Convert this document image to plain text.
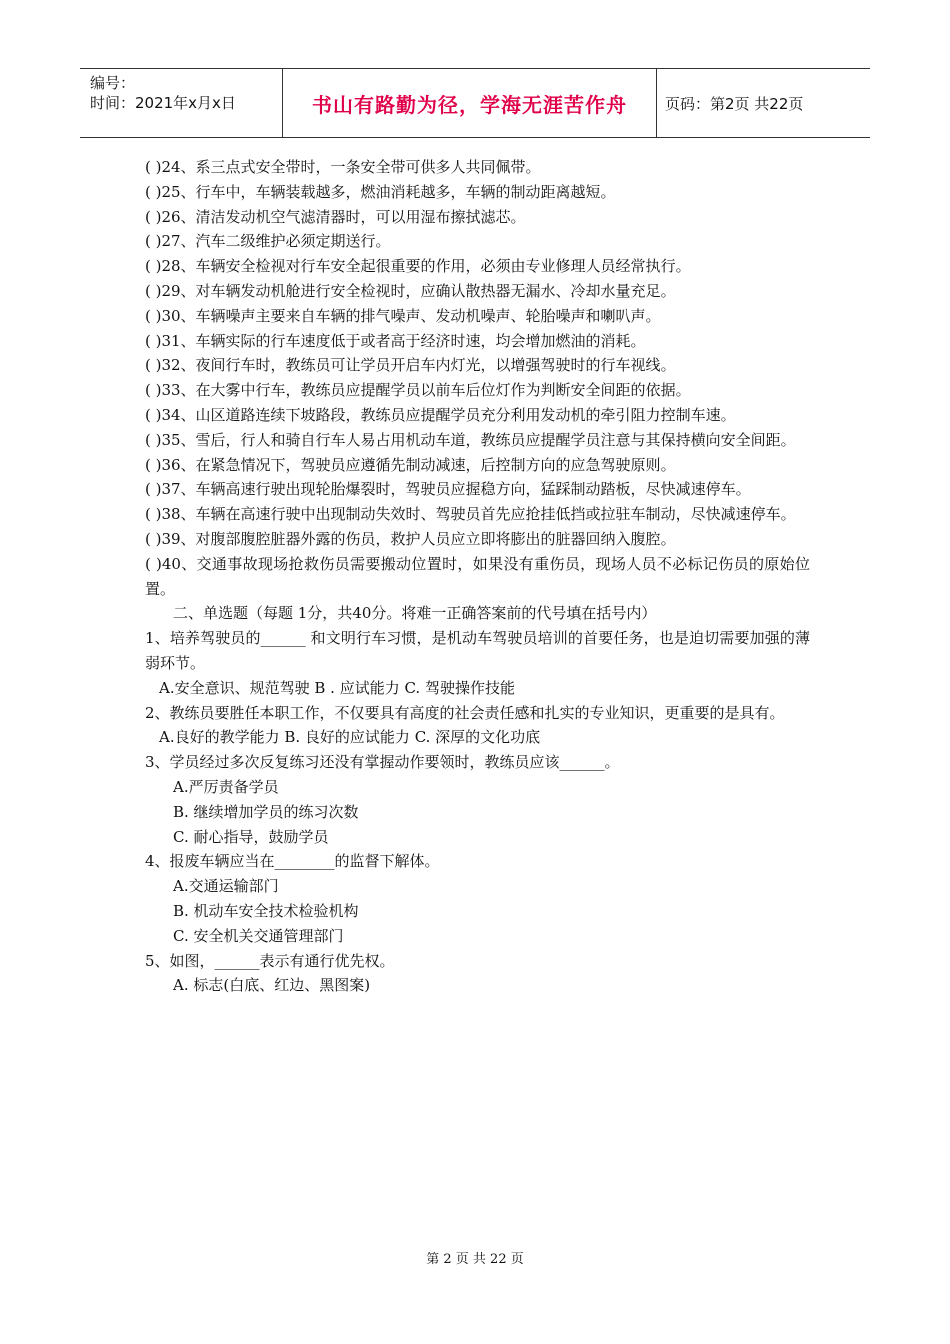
编号：
时间：2021年x月x日	书山有路勤为径，学海无涯苦作舟	页码：第2页 共22页
( )24、系三点式安全带时，一条安全带可供多人共同佩带。
( )25、行车中，车辆装载越多，燃油消耗越多，车辆的制动距离越短。
( )26、清洁发动机空气滤清器时，可以用湿布擦拭滤芯。
( )27、汽车二级维护必须定期送行。
( )28、车辆安全检视对行车安全起很重要的作用，必须由专业修理人员经常执行。
( )29、对车辆发动机舱进行安全检视时，应确认散热器无漏水、冷却水量充足。
( )30、车辆噪声主要来自车辆的排气噪声、发动机噪声、轮胎噪声和喇叭声。
( )31、车辆实际的行车速度低于或者高于经济时速，均会增加燃油的消耗。
( )32、夜间行车时，教练员可让学员开启车内灯光，以增强驾驶时的行车视线。
( )33、在大雾中行车，教练员应提醒学员以前车后位灯作为判断安全间距的依据。
( )34、山区道路连续下坡路段，教练员应提醒学员充分利用发动机的牵引阻力控制车速。
( )35、雪后，行人和骑自行车人易占用机动车道，教练员应提醒学员注意与其保持横向安全间距。
( )36、在紧急情况下，驾驶员应遵循先制动减速，后控制方向的应急驾驶原则。
( )37、车辆高速行驶出现轮胎爆裂时，驾驶员应握稳方向，猛踩制动踏板，尽快减速停车。
( )38、车辆在高速行驶中出现制动失效时、驾驶员首先应抢挂低挡或拉驻车制动，尽快减速停车。
( )39、对腹部腹腔脏器外露的伤员，救护人员应立即将膨出的脏器回纳入腹腔。
( )40、交通事故现场抢救伤员需要搬动位置时，如果没有重伤员，现场人员不必标记伤员的原始位置。
二、单选题（每题 1分，共40分。将难一正确答案前的代号填在括号内）
1、培养驾驶员的______ 和文明行车习惯，是机动车驾驶员培训的首要任务，也是迫切需要加强的薄弱环节。
A.安全意识、规范驾驶 B . 应试能力 C. 驾驶操作技能
2、教练员要胜任本职工作，不仅要具有高度的社会责任感和扎实的专业知识，更重要的是具有。
A.良好的教学能力 B. 良好的应试能力 C. 深厚的文化功底
3、学员经过多次反复练习还没有掌握动作要领时，教练员应该______。
A.严厉责备学员
B. 继续增加学员的练习次数
C. 耐心指导，鼓励学员
4、报废车辆应当在________的监督下解体。
A.交通运输部门
B. 机动车安全技术检验机构
C. 安全机关交通管理部门
5、如图，______表示有通行优先权。
A. 标志(白底、红边、黑图案)
第 2 页 共 22 页
